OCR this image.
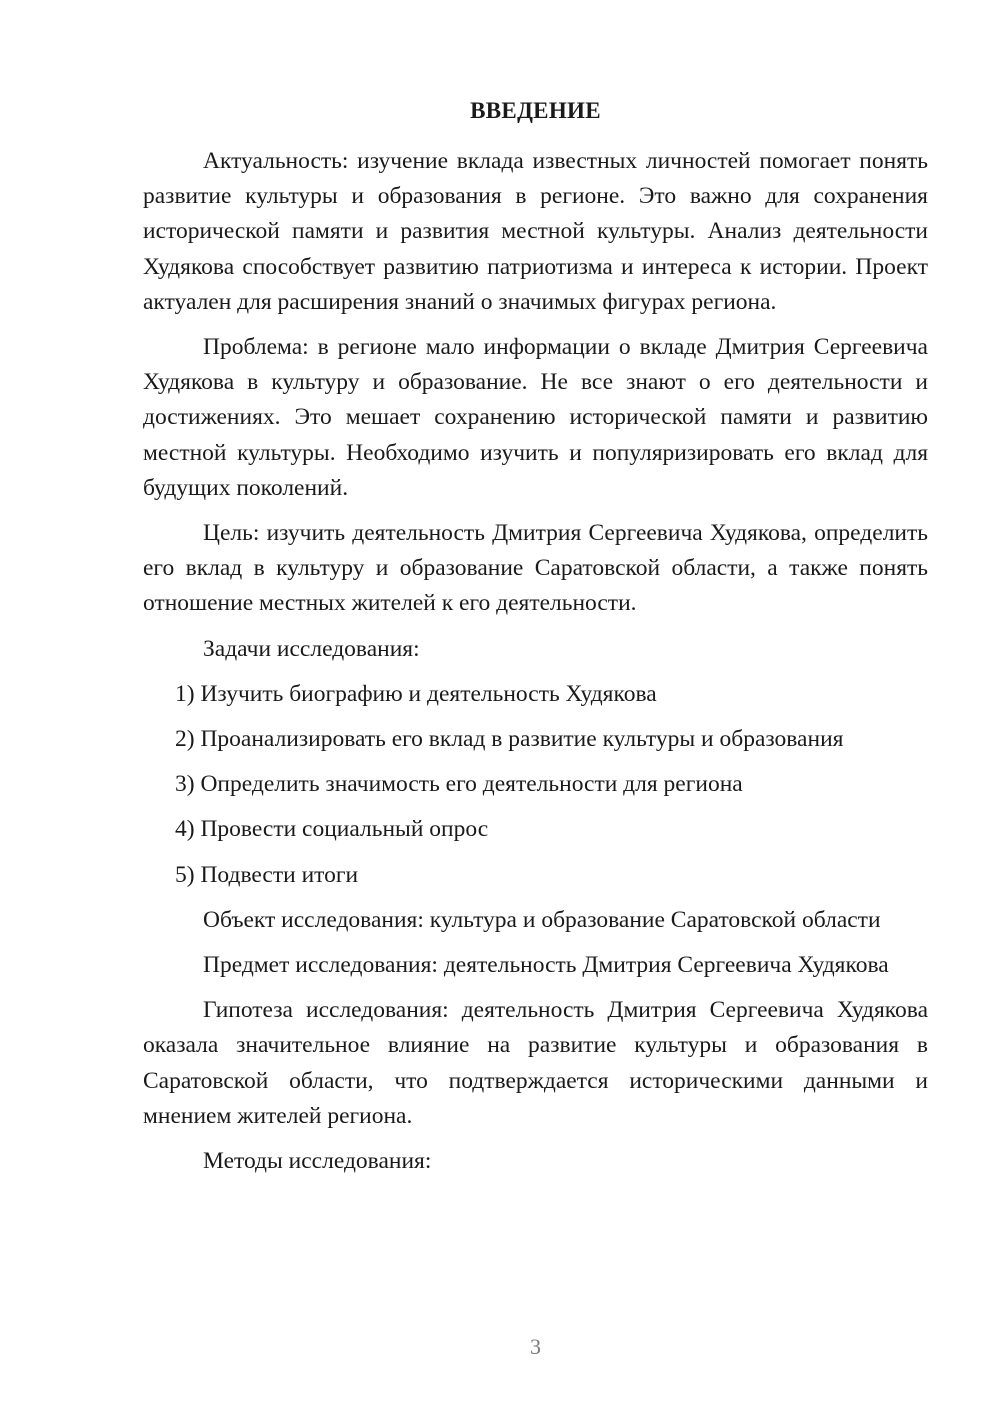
ВВЕДЕНИЕ

Актуальность: изучение вклада известных личностей помогает понять развитие культуры и образования в регионе. Это важно для сохранения исторической памяти и развития местной культуры. Анализ деятельности Худякова способствует развитию патриотизма и интереса к истории. Проект актуален для расширения знаний о значимых фигурах региона.

Проблема: в регионе мало информации о вкладе Дмитрия Сергеевича Худякова в культуру и образование. Не все знают о его деятельности и достижениях. Это мешает сохранению исторической памяти и развитию местной культуры. Необходимо изучить и популяризировать его вклад для будущих поколений.

Цель: изучить деятельность Дмитрия Сергеевича Худякова, определить его вклад в культуру и образование Саратовской области, а также понять отношение местных жителей к его деятельности.

Задачи исследования:

1) Изучить биографию и деятельность Худякова
2) Проанализировать его вклад в развитие культуры и образования
3) Определить значимость его деятельности для региона
4) Провести социальный опрос
5) Подвести итоги

Объект исследования: культура и образование Саратовской области

Предмет исследования: деятельность Дмитрия Сергеевича Худякова

Гипотеза исследования: деятельность Дмитрия Сергеевича Худякова оказала значительное влияние на развитие культуры и образования в Саратовской области, что подтверждается историческими данными и мнением жителей региона.

Методы исследования:

3
